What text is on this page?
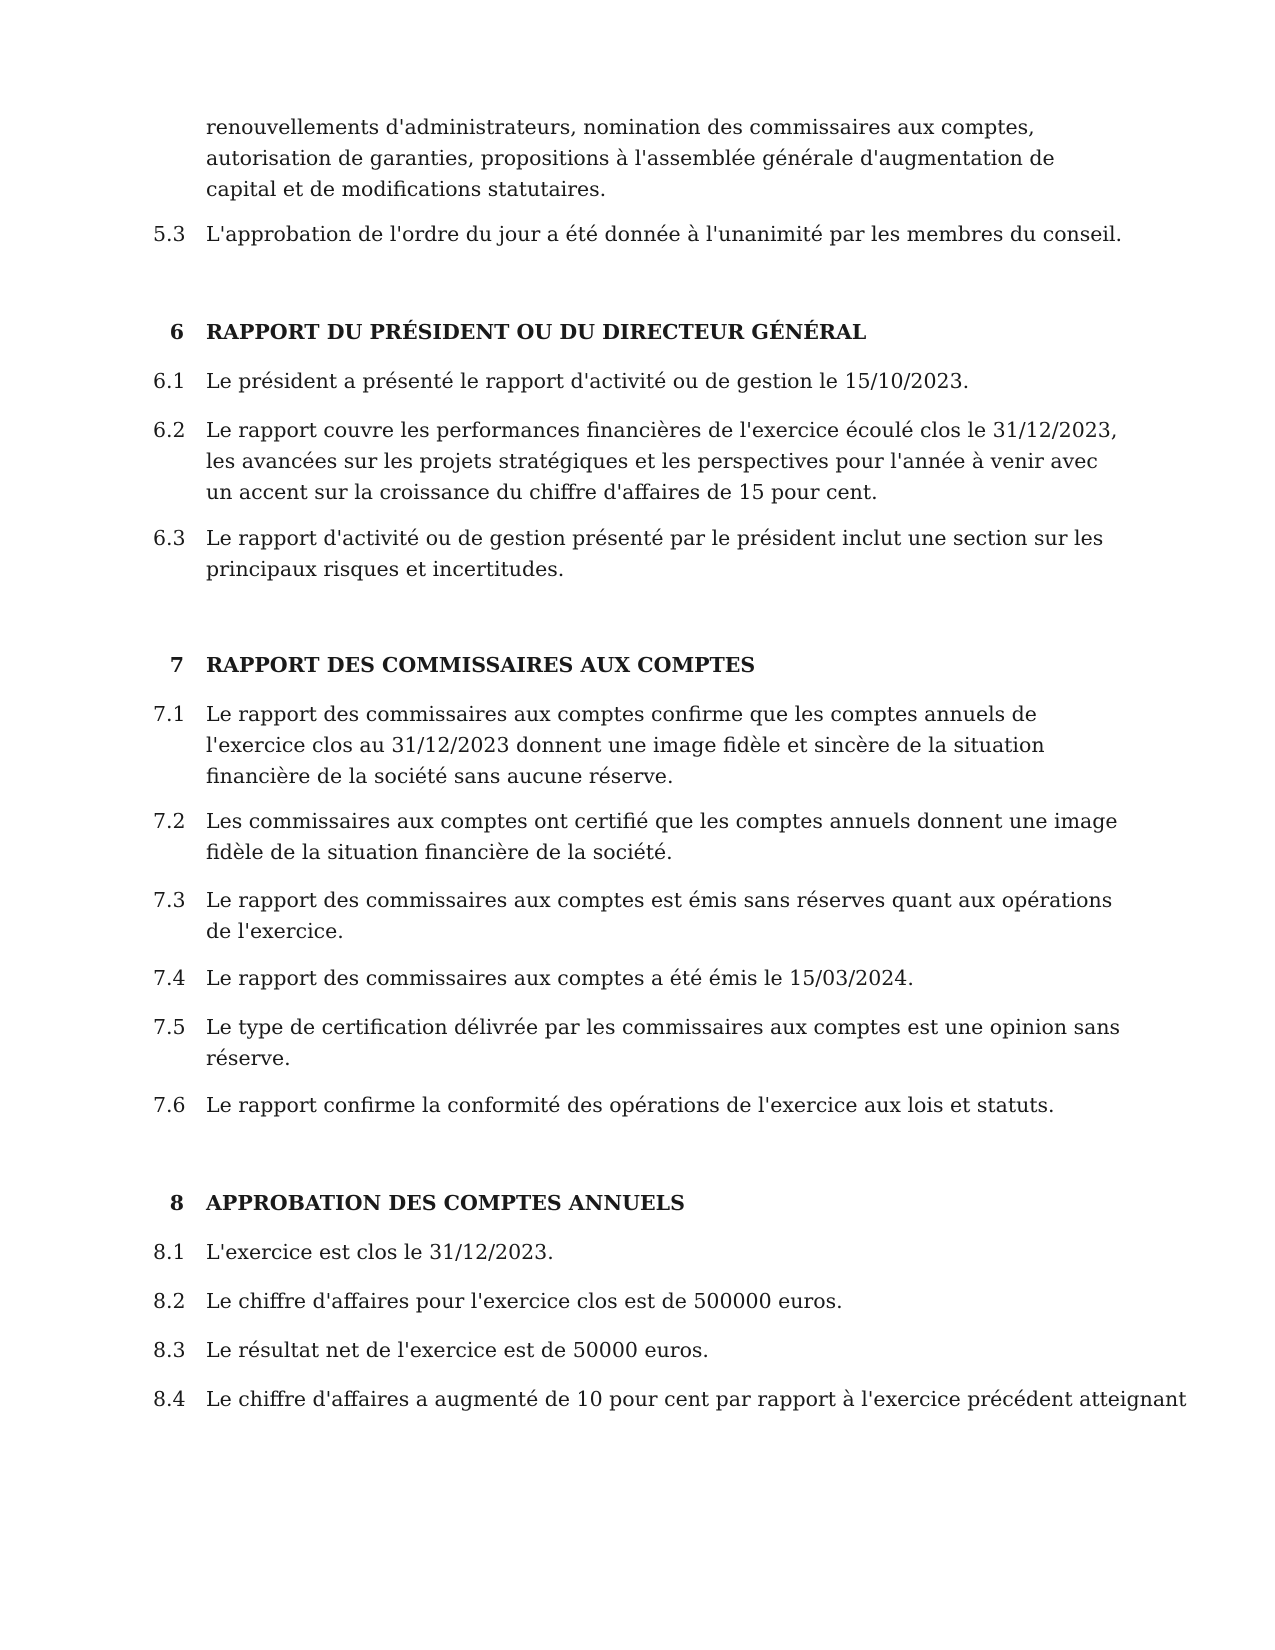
renouvellements d'administrateurs, nomination des commissaires aux comptes, autorisation de garanties, propositions à l'assemblée générale d'augmentation de capital et de modifications statutaires.
5.3 L'approbation de l'ordre du jour a été donnée à l'unanimité par les membres du conseil.
6	RAPPORT DU PRÉSIDENT OU DU DIRECTEUR GÉNÉRAL
6.1 Le président a présenté le rapport d'activité ou de gestion le 15/10/2023.
6.2 Le rapport couvre les performances financières de l'exercice écoulé clos le 31/12/2023, les avancées sur les projets stratégiques et les perspectives pour l'année à venir avec un accent sur la croissance du chiffre d'affaires de 15 pour cent.
6.3 Le rapport d'activité ou de gestion présenté par le président inclut une section sur les principaux risques et incertitudes.
7	RAPPORT DES COMMISSAIRES AUX COMPTES
7.1 Le rapport des commissaires aux comptes confirme que les comptes annuels de l'exercice clos au 31/12/2023 donnent une image fidèle et sincère de la situation financière de la société sans aucune réserve.
7.2 Les commissaires aux comptes ont certifié que les comptes annuels donnent une image fidèle de la situation financière de la société.
7.3 Le rapport des commissaires aux comptes est émis sans réserves quant aux opérations de l'exercice.
7.4 Le rapport des commissaires aux comptes a été émis le 15/03/2024.
7.5 Le type de certification délivrée par les commissaires aux comptes est une opinion sans réserve.
7.6 Le rapport confirme la conformité des opérations de l'exercice aux lois et statuts.
8	APPROBATION DES COMPTES ANNUELS
8.1 L'exercice est clos le 31/12/2023.
8.2 Le chiffre d'affaires pour l'exercice clos est de 500000 euros.
8.3 Le résultat net de l'exercice est de 50000 euros.
8.4 Le chiffre d'affaires a augmenté de 10 pour cent par rapport à l'exercice précédent atteignant
